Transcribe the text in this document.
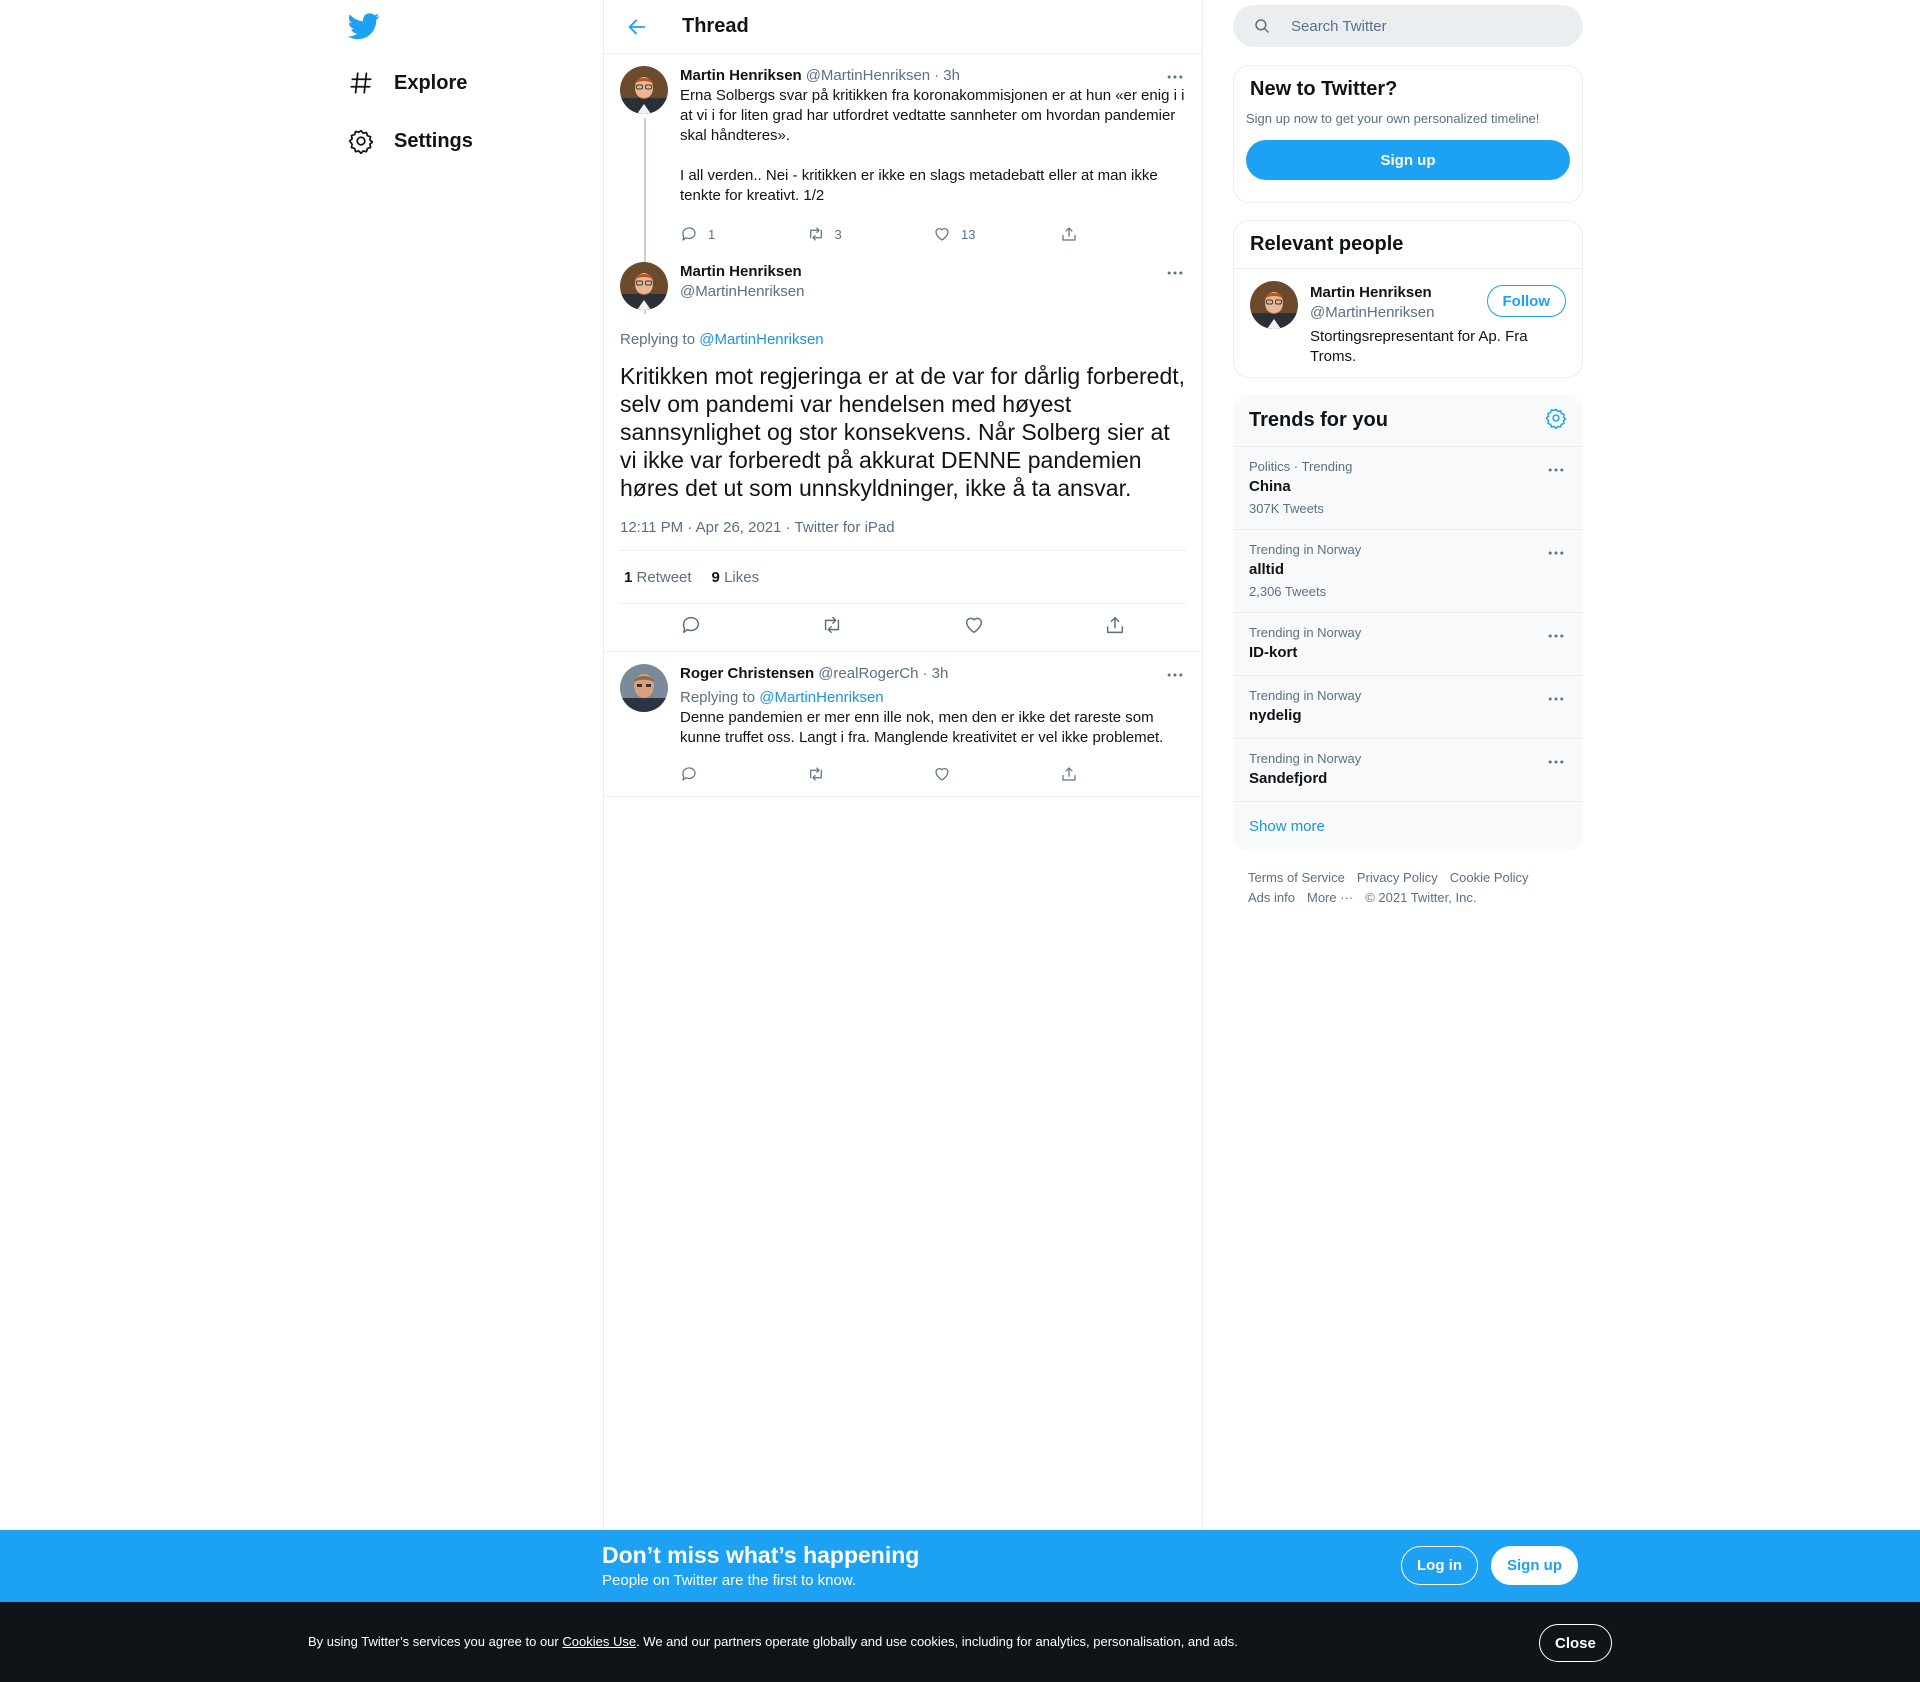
Explore
Settings
Thread
Martin Henriksen @MartinHenriksen · 3h
Erna Solbergs svar på kritikken fra koronakommisjonen er at hun «er enig i i at vi i for liten grad har utfordret vedtatte sannheter om hvordan pandemier skal håndteres».

I all verden.. Nei - kritikken er ikke en slags metadebatt eller at man ikke tenkte for kreativt. 1/2
1	3	13
Martin Henriksen
@MartinHenriksen
Replying to @MartinHenriksen
Kritikken mot regjeringa er at de var for dårlig forberedt, selv om pandemi var hendelsen med høyest sannsynlighet og stor konsekvens. Når Solberg sier at vi ikke var forberedt på akkurat DENNE pandemien høres det ut som unnskyldninger, ikke å ta ansvar.
12:11 PM · Apr 26, 2021 · Twitter for iPad
1 Retweet 9 Likes
Roger Christensen @realRogerCh · 3h
Replying to @MartinHenriksen
Denne pandemien er mer enn ille nok, men den er ikke det rareste som kunne truffet oss. Langt i fra. Manglende kreativitet er vel ikke problemet.
Search Twitter
New to Twitter?
Sign up now to get your own personalized timeline!
Sign up
Relevant people
Martin Henriksen
@MartinHenriksen
Stortingsrepresentant for Ap. Fra Troms.
Follow
Trends for you
Politics · Trending
China
307K Tweets
Trending in Norway
alltid
2,306 Tweets
Trending in Norway
ID-kort
Trending in Norway
nydelig
Trending in Norway
Sandefjord
Show more
Terms of Service Privacy Policy Cookie Policy
Ads info More ··· © 2021 Twitter, Inc.
Don’t miss what’s happening
People on Twitter are the first to know.
Log in	Sign up
By using Twitter’s services you agree to our Cookies Use. We and our partners operate globally and use cookies, including for analytics, personalisation, and ads.	Close
